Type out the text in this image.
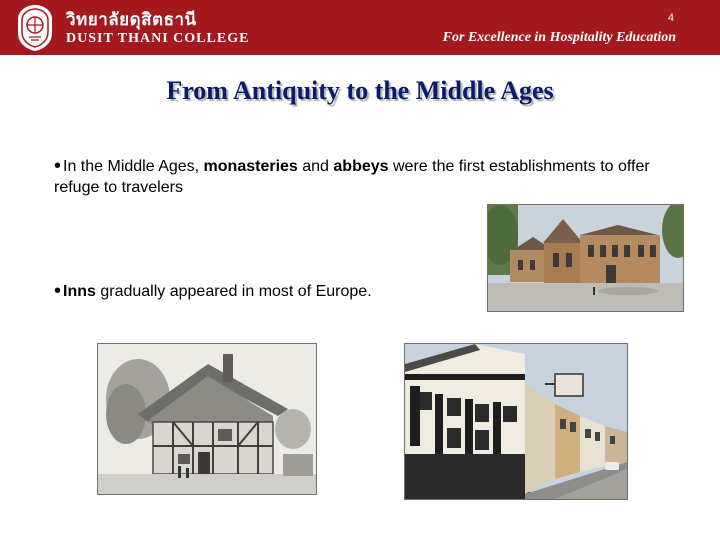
วิทยาลัยดุสิตธานี
DUSIT THANI COLLEGE
4
For Excellence in Hospitality Education
From Antiquity to the Middle Ages
• In the Middle Ages, monasteries and abbeys were the first establishments to offer refuge to travelers
• Inns gradually appeared in most of Europe.
